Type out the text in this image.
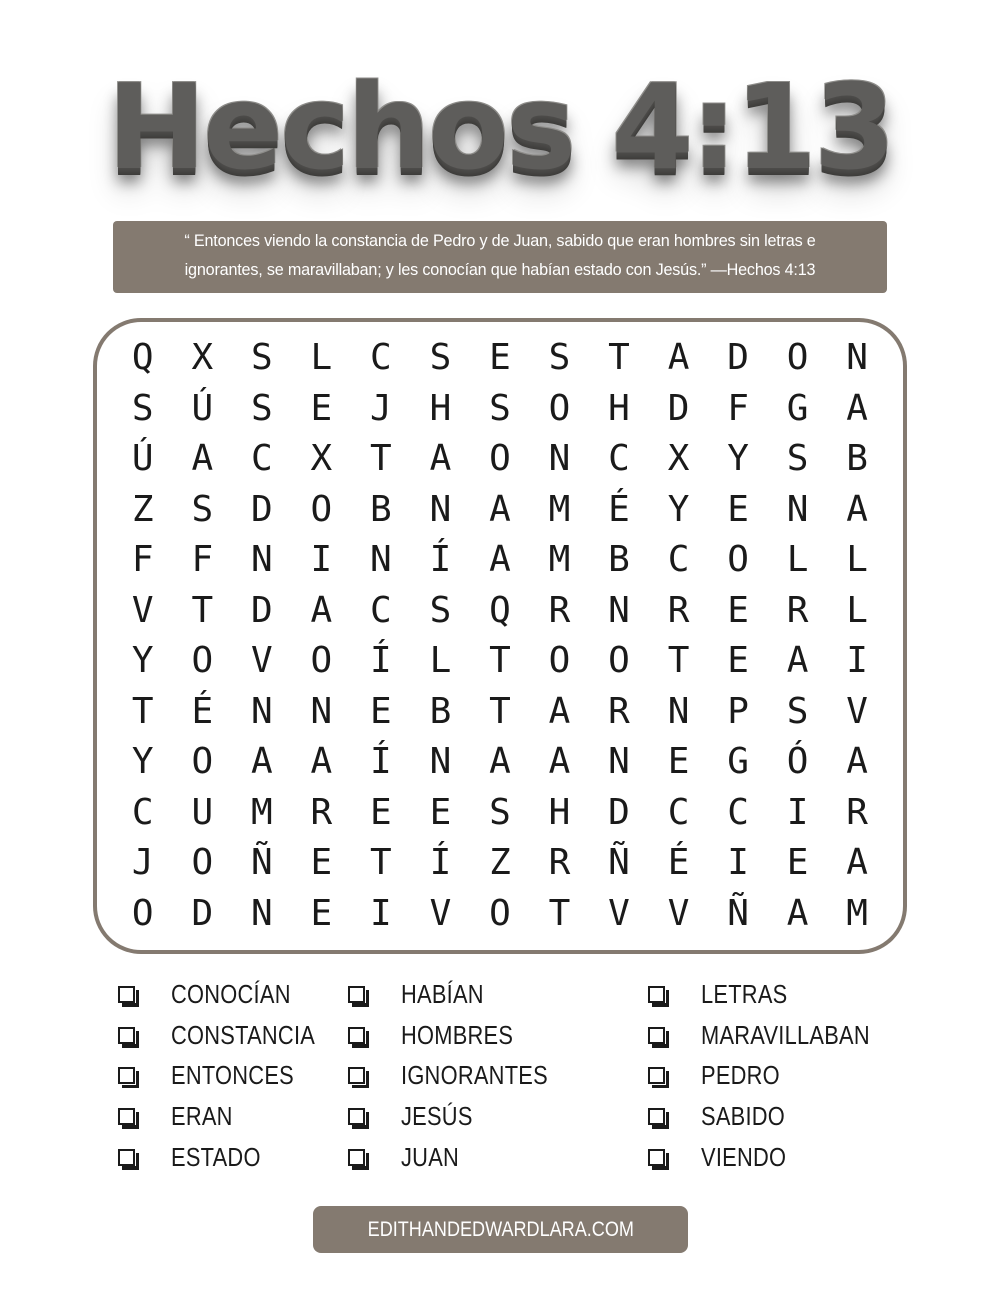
Hechos 4:13
“ Entonces viendo la constancia de Pedro y de Juan, sabido que eran hombres sin letras e
ignorantes, se maravillaban; y les conocían que habían estado con Jesús.” —Hechos 4:13
Q	X	S	L	C	S	E	S	T	A	D	O	N
S	Ú	S	E	J	H	S	O	H	D	F	G	A
Ú	A	C	X	T	A	O	N	C	X	Y	S	B
Z	S	D	O	B	N	A	M	É	Y	E	N	A
F	F	N	I	N	Í	A	M	B	C	O	L	L
V	T	D	A	C	S	Q	R	N	R	E	R	L
Y	O	V	O	Í	L	T	O	O	T	E	A	I
T	É	N	N	E	B	T	A	R	N	P	S	V
Y	O	A	A	Í	N	A	A	N	E	G	Ó	A
C	U	M	R	E	E	S	H	D	C	C	I	R
J	O	Ñ	E	T	Í	Z	R	Ñ	É	I	E	A
O	D	N	E	I	V	O	T	V	V	Ñ	A	M
CONOCÍAN
CONSTANCIA
ENTONCES
ERAN
ESTADO
HABÍAN
HOMBRES
IGNORANTES
JESÚS
JUAN
LETRAS
MARAVILLABAN
PEDRO
SABIDO
VIENDO
EDITHANDEDWARDLARA.COM
